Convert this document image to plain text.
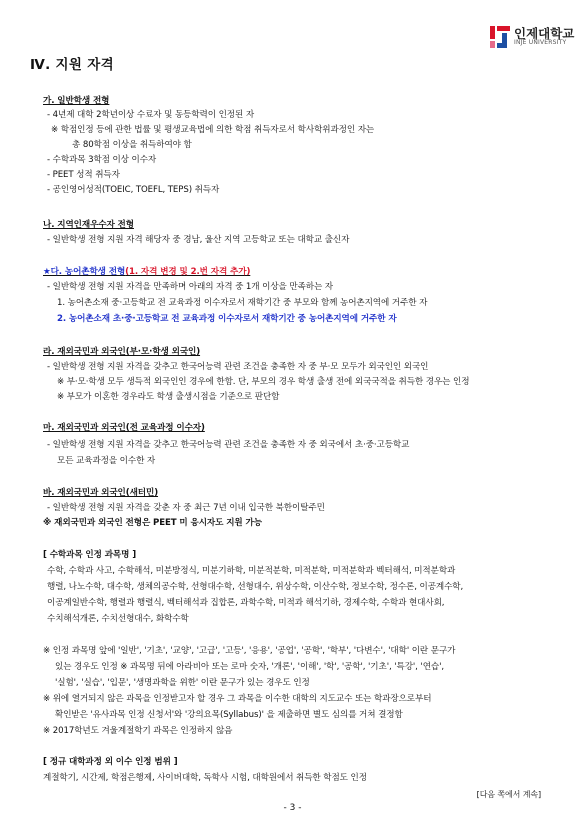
인제대학교
INJE UNIVERSITY
Ⅳ. 지원 자격
가. 일반학생 전형
- 4년제 대학 2학년이상 수료자 및 동등학력이 인정된 자
※ 학점인정 등에 관한 법률 및 평생교육법에 의한 학점 취득자로서 학사학위과정인 자는
총 80학점 이상을 취득하여야 함
- 수학과목 3학점 이상 이수자
- PEET 성적 취득자
- 공인영어성적(TOEIC, TOEFL, TEPS) 취득자
나. 지역인재우수자 전형
- 일반학생 전형 지원 자격 해당자 중 경남, 울산 지역 고등학교 또는 대학교 출신자
★다. 농어촌학생 전형(1. 자격 변경 및 2.번 자격 추가)
- 일반학생 전형 지원 자격을 만족하며 아래의 자격 중 1개 이상을 만족하는 자
1. 농어촌소재 중·고등학교 전 교육과정 이수자로서 재학기간 중 부모와 함께 농어촌지역에 거주한 자
2. 농어촌소재 초·중·고등학교 전 교육과정 이수자로서 재학기간 중 농어촌지역에 거주한 자
라. 재외국민과 외국인(부·모·학생 외국인)
- 일반학생 전형 지원 자격을 갖추고 한국어능력 관련 조건을 충족한 자 중 부·모 모두가 외국인인 외국인
※ 부·모·학생 모두 생득적 외국인인 경우에 한함. 단, 부모의 경우 학생 출생 전에 외국국적을 취득한 경우는 인정
※ 부모가 이혼한 경우라도 학생 출생시점을 기준으로 판단함
마. 재외국민과 외국인(전 교육과정 이수자)
- 일반학생 전형 지원 자격을 갖추고 한국어능력 관련 조건을 충족한 자 중 외국에서 초·중·고등학교
모든 교육과정을 이수한 자
바. 재외국민과 외국인(새터민)
- 일반학생 전형 지원 자격을 갖춘 자 중 최근 7년 이내 입국한 북한이탈주민
※ 재외국민과 외국인 전형은 PEET 미 응시자도 지원 가능
[ 수학과목 인정 과목명 ]
수학, 수학과 사고, 수학해석, 미분방정식, 미분기하학, 미분적분학, 미적분학, 미적분학과 벡터해석, 미적분학과
행렬, 나노수학, 대수학, 생체의공수학, 선형대수학, 선형대수, 위상수학, 이산수학, 정보수학, 정수론, 이공계수학,
이공계일반수학, 행렬과 행렬식, 벡터해석과 집합론, 과학수학, 미적과 해석기하, 경제수학, 수학과 현대사회,
수치해석개론, 수치선형대수, 화학수학
※ 인정 과목명 앞에 '일반', '기초', '교양', '고급', '고등', '응용', '공업', '공학', '학부', '다변수', '대학' 이란 문구가
있는 경우도 인정 ※ 과목명 뒤에 아라비아 또는 로마 숫자, '개론', '이해', '학', '공학', '기초', '특강', '연습',
'실험', '실습', '입문', '생명과학을 위한' 이란 문구가 있는 경우도 인정
※ 위에 열거되지 않은 과목을 인정받고자 할 경우 그 과목을 이수한 대학의 지도교수 또는 학과장으로부터
확인받은 '유사과목 인정 신청서'와 '강의요목(Syllabus)' 을 제출하면 별도 심의를 거쳐 결정함
※ 2017학년도 겨울계절학기 과목은 인정하지 않음
[ 정규 대학과정 외 이수 인정 범위 ]
계절학기, 시간제, 학점은행제, 사이버대학, 독학사 시험, 대학원에서 취득한 학점도 인정
[다음 쪽에서 계속]
- 3 -
